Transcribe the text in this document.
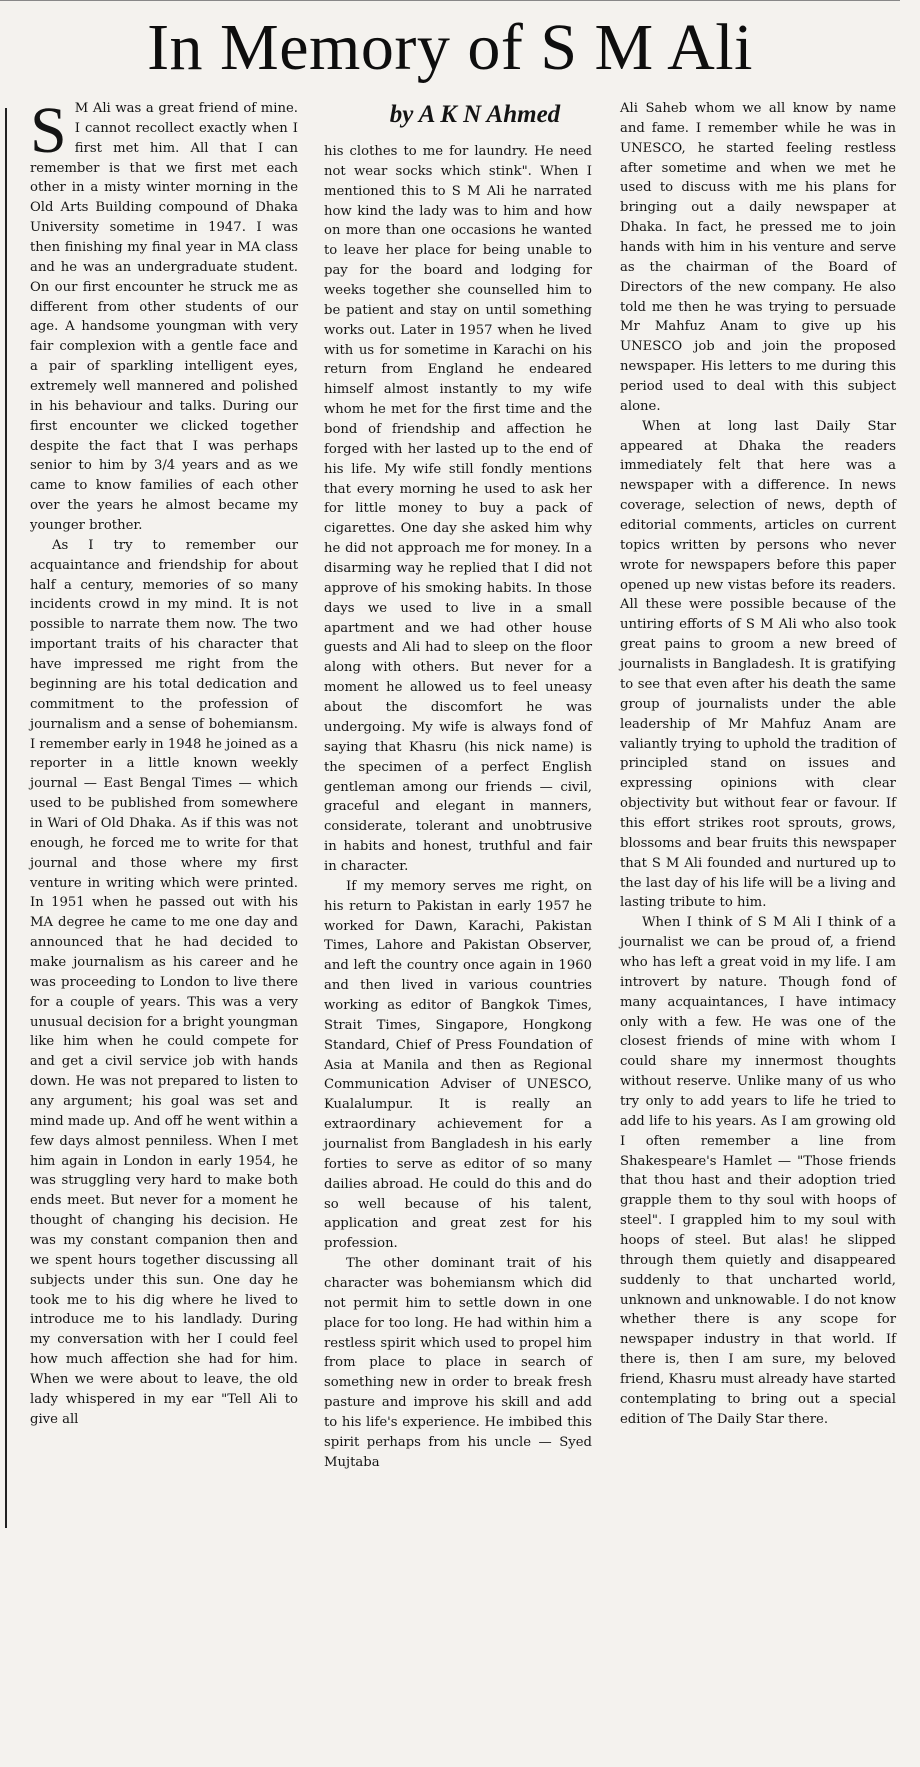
In Memory of S M Ali
by A K N Ahmed

S M Ali was a great friend of mine. I cannot recollect exactly when I first met him. All that I can remember is that we first met each other in a misty winter morning in the Old Arts Building compound of Dhaka University sometime in 1947. I was then finishing my final year in MA class and he was an undergraduate student. On our first encounter he struck me as different from other students of our age. A handsome youngman with very fair complexion with a gentle face and a pair of sparkling intelligent eyes, extremely well mannered and polished in his behaviour and talks. During our first encounter we clicked together despite the fact that I was perhaps senior to him by 3/4 years and as we came to know families of each other over the years he almost became my younger brother.

As I try to remember our acquaintance and friendship for about half a century, memories of so many incidents crowd in my mind. It is not possible to narrate them now. The two important traits of his character that have impressed me right from the beginning are his total dedication and commitment to the profession of journalism and a sense of bohemiansm. I remember early in 1948 he joined as a reporter in a little known weekly journal — East Bengal Times — which used to be published from somewhere in Wari of Old Dhaka. As if this was not enough, he forced me to write for that journal and those where my first venture in writing which were printed. In 1951 when he passed out with his MA degree he came to me one day and announced that he had decided to make journalism as his career and he was proceeding to London to live there for a couple of years. This was a very unusual decision for a bright youngman like him when he could compete for and get a civil service job with hands down. He was not prepared to listen to any argument; his goal was set and mind made up. And off he went within a few days almost penniless. When I met him again in London in early 1954, he was struggling very hard to make both ends meet. But never for a moment he thought of changing his decision. He was my constant companion then and we spent hours together discussing all subjects under this sun. One day he took me to his dig where he lived to introduce me to his landlady. During my conversation with her I could feel how much affection she had for him. When we were about to leave, the old lady whispered in my ear "Tell Ali to give all

his clothes to me for laundry. He need not wear socks which stink". When I mentioned this to S M Ali he narrated how kind the lady was to him and how on more than one occasions he wanted to leave her place for being unable to pay for the board and lodging for weeks together she counselled him to be patient and stay on until something works out. Later in 1957 when he lived with us for sometime in Karachi on his return from England he endeared himself almost instantly to my wife whom he met for the first time and the bond of friendship and affection he forged with her lasted up to the end of his life. My wife still fondly mentions that every morning he used to ask her for little money to buy a pack of cigarettes. One day she asked him why he did not approach me for money. In a disarming way he replied that I did not approve of his smoking habits. In those days we used to live in a small apartment and we had other house guests and Ali had to sleep on the floor along with others. But never for a moment he allowed us to feel uneasy about the discomfort he was undergoing. My wife is always fond of saying that Khasru (his nick name) is the specimen of a perfect English gentleman among our friends — civil, graceful and elegant in manners, considerate, tolerant and unobtrusive in habits and honest, truthful and fair in character.

If my memory serves me right, on his return to Pakistan in early 1957 he worked for Dawn, Karachi, Pakistan Times, Lahore and Pakistan Observer, and left the country once again in 1960 and then lived in various countries working as editor of Bangkok Times, Strait Times, Singapore, Hongkong Standard, Chief of Press Foundation of Asia at Manila and then as Regional Communication Adviser of UNESCO, Kualalumpur. It is really an extraordinary achievement for a journalist from Bangladesh in his early forties to serve as editor of so many dailies abroad. He could do this and do so well because of his talent, application and great zest for his profession.

The other dominant trait of his character was bohemiansm which did not permit him to settle down in one place for too long. He had within him a restless spirit which used to propel him from place to place in search of something new in order to break fresh pasture and improve his skill and add to his life's experience. He imbibed this spirit perhaps from his uncle — Syed Mujtaba

Ali Saheb whom we all know by name and fame. I remember while he was in UNESCO, he started feeling restless after sometime and when we met he used to discuss with me his plans for bringing out a daily newspaper at Dhaka. In fact, he pressed me to join hands with him in his venture and serve as the chairman of the Board of Directors of the new company. He also told me then he was trying to persuade Mr Mahfuz Anam to give up his UNESCO job and join the proposed newspaper. His letters to me during this period used to deal with this subject alone.

When at long last Daily Star appeared at Dhaka the readers immediately felt that here was a newspaper with a difference. In news coverage, selection of news, depth of editorial comments, articles on current topics written by persons who never wrote for newspapers before this paper opened up new vistas before its readers. All these were possible because of the untiring efforts of S M Ali who also took great pains to groom a new breed of journalists in Bangladesh. It is gratifying to see that even after his death the same group of journalists under the able leadership of Mr Mahfuz Anam are valiantly trying to uphold the tradition of principled stand on issues and expressing opinions with clear objectivity but without fear or favour. If this effort strikes root sprouts, grows, blossoms and bear fruits this newspaper that S M Ali founded and nurtured up to the last day of his life will be a living and lasting tribute to him.

When I think of S M Ali I think of a journalist we can be proud of, a friend who has left a great void in my life. I am introvert by nature. Though fond of many acquaintances, I have intimacy only with a few. He was one of the closest friends of mine with whom I could share my innermost thoughts without reserve. Unlike many of us who try only to add years to life he tried to add life to his years. As I am growing old I often remember a line from Shakespeare's Hamlet — "Those friends that thou hast and their adoption tried grapple them to thy soul with hoops of steel". I grappled him to my soul with hoops of steel. But alas! he slipped through them quietly and disappeared suddenly to that uncharted world, unknown and unknowable. I do not know whether there is any scope for newspaper industry in that world. If there is, then I am sure, my beloved friend, Khasru must already have started contemplating to bring out a special edition of The Daily Star there.
